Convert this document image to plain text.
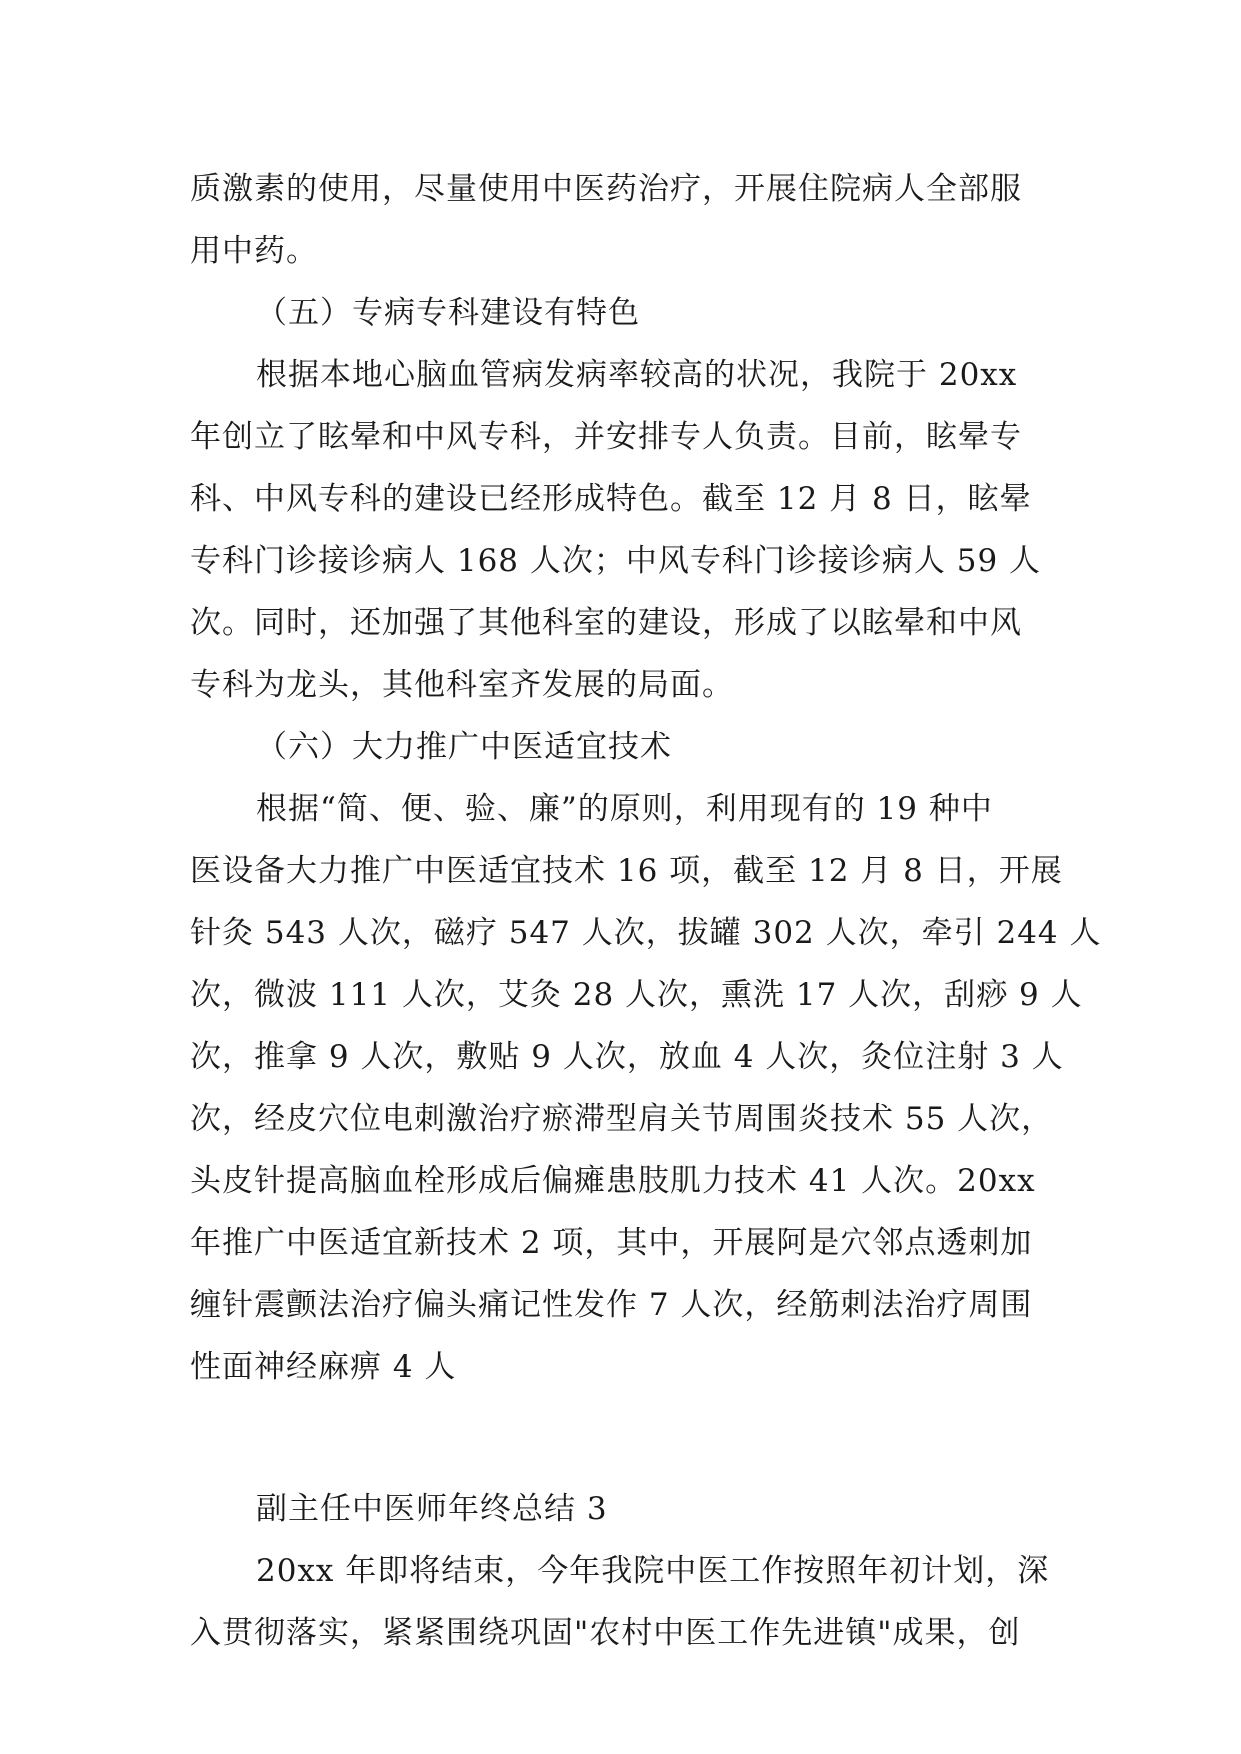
质激素的使用，尽量使用中医药治疗，开展住院病人全部服
用中药。
（五）专病专科建设有特色
根据本地心脑血管病发病率较高的状况，我院于 20xx
年创立了眩晕和中风专科，并安排专人负责。目前，眩晕专
科、中风专科的建设已经形成特色。截至 12 月 8 日，眩晕
专科门诊接诊病人 168 人次；中风专科门诊接诊病人 59 人
次。同时，还加强了其他科室的建设，形成了以眩晕和中风
专科为龙头，其他科室齐发展的局面。
（六）大力推广中医适宜技术
根据“简、便、验、廉”的原则，利用现有的 19 种中
医设备大力推广中医适宜技术 16 项，截至 12 月 8 日，开展
针灸 543 人次，磁疗 547 人次，拔罐 302 人次，牵引 244 人
次，微波 111 人次，艾灸 28 人次，熏洗 17 人次，刮痧 9 人
次，推拿 9 人次，敷贴 9 人次，放血 4 人次，灸位注射 3 人
次，经皮穴位电刺激治疗瘀滞型肩关节周围炎技术 55 人次，
头皮针提高脑血栓形成后偏瘫患肢肌力技术 41 人次。20xx
年推广中医适宜新技术 2 项，其中，开展阿是穴邻点透刺加
缠针震颤法治疗偏头痛记性发作 7 人次，经筋刺法治疗周围
性面神经麻痹 4 人
副主任中医师年终总结 3
20xx 年即将结束，今年我院中医工作按照年初计划，深
入贯彻落实，紧紧围绕巩固"农村中医工作先进镇"成果，创
